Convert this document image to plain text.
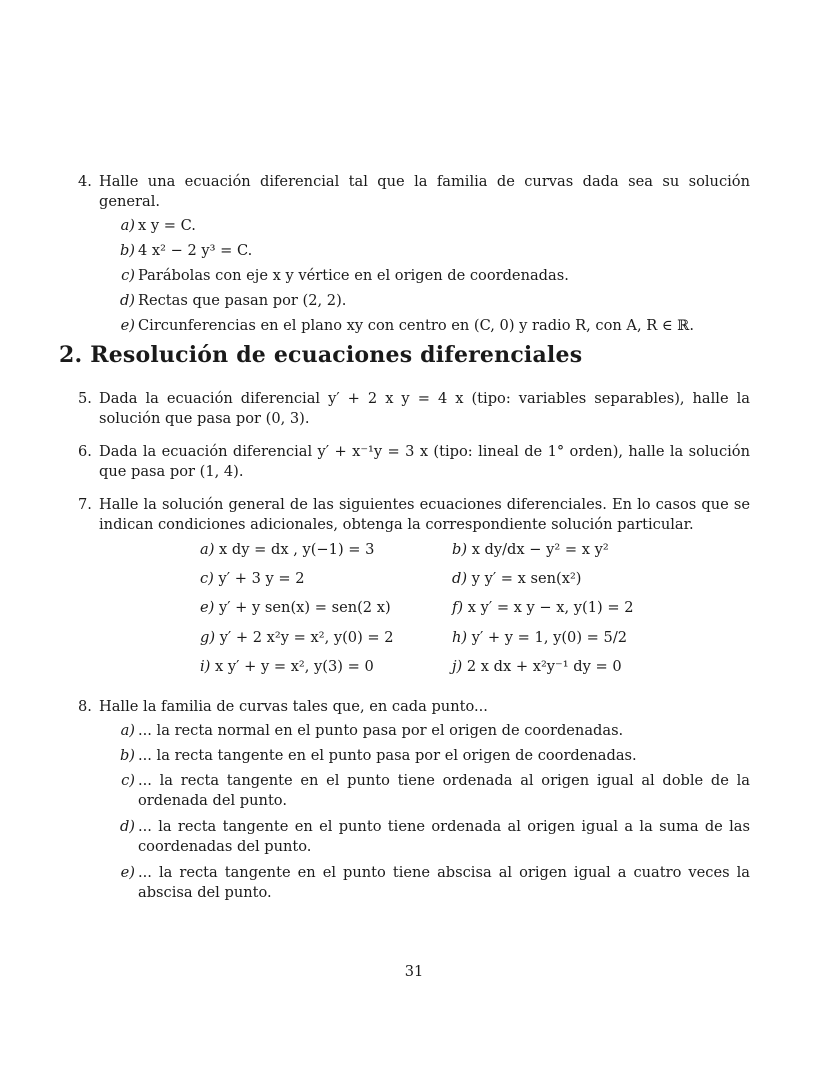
4. Halle una ecuación diferencial tal que la familia de curvas dada sea su solución general.
a) x y = C.
b) 4 x² − 2 y³ = C.
c) Parábolas con eje x y vértice en el origen de coordenadas.
d) Rectas que pasan por (2, 2).
e) Circunferencias en el plano xy con centro en (C, 0) y radio R, con A, R ∈ ℝ.
2. Resolución de ecuaciones diferenciales
5. Dada la ecuación diferencial y′ + 2 x y = 4 x (tipo: variables separables), halle la solución que pasa por (0, 3).
6. Dada la ecuación diferencial y′ + x⁻¹y = 3 x (tipo: lineal de 1° orden), halle la solución que pasa por (1, 4).
7. Halle la solución general de las siguientes ecuaciones diferenciales. En lo casos que se indican condiciones adicionales, obtenga la correspondiente solución particular.
a) x dy = dx , y(−1) = 3	b) x dy/dx − y² = x y²
c) y′ + 3 y = 2	d) y y′ = x sen(x²)
e) y′ + y sen(x) = sen(2 x)	f) x y′ = x y − x, y(1) = 2
g) y′ + 2 x²y = x², y(0) = 2	h) y′ + y = 1, y(0) = 5/2
i) x y′ + y = x², y(3) = 0	j) 2 x dx + x²y⁻¹ dy = 0
8. Halle la familia de curvas tales que, en cada punto...
a) ... la recta normal en el punto pasa por el origen de coordenadas.
b) ... la recta tangente en el punto pasa por el origen de coordenadas.
c) ... la recta tangente en el punto tiene ordenada al origen igual al doble de la ordenada del punto.
d) ... la recta tangente en el punto tiene ordenada al origen igual a la suma de las coordenadas del punto.
e) ... la recta tangente en el punto tiene abscisa al origen igual a cuatro veces la abscisa del punto.
31
